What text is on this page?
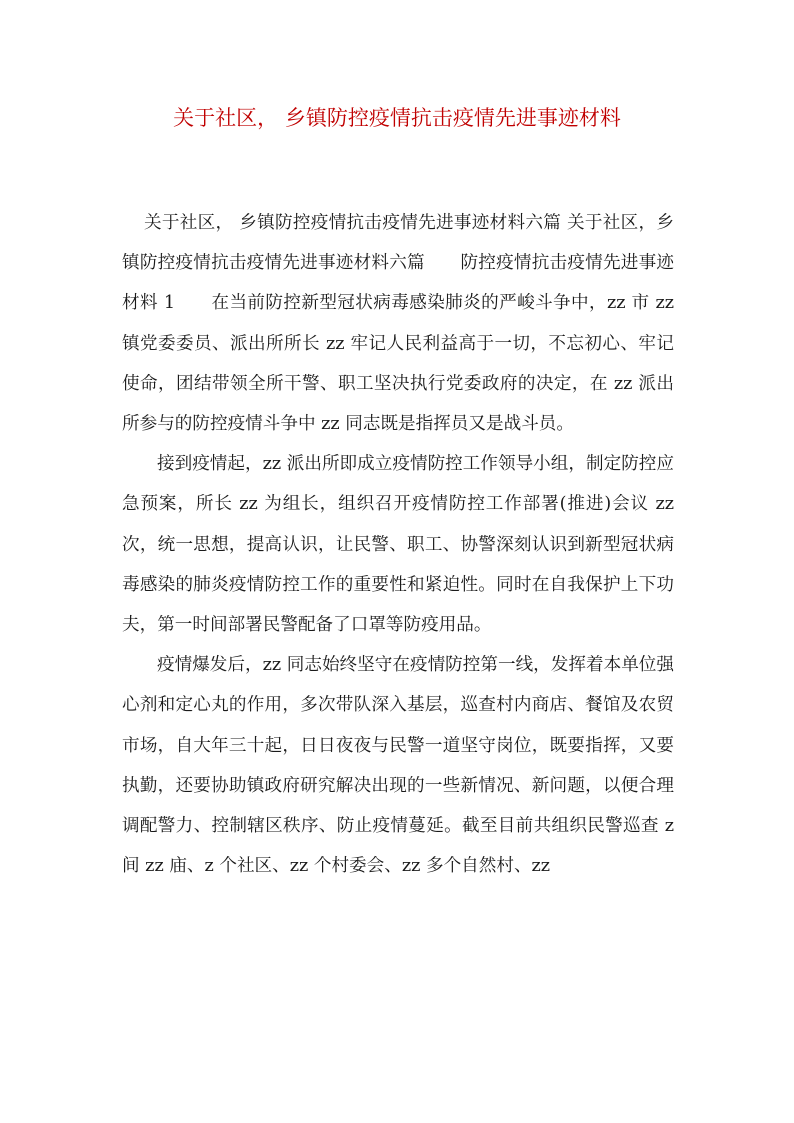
关于社区， 乡镇防控疫情抗击疫情先进事迹材料

关于社区， 乡镇防控疫情抗击疫情先进事迹材料六篇 关于社区，乡镇防控疫情抗击疫情先进事迹材料六篇　　防控疫情抗击疫情先进事迹材料 1　　在当前防控新型冠状病毒感染肺炎的严峻斗争中，zz 市 zz 镇党委委员、派出所所长 zz 牢记人民利益高于一切，不忘初心、牢记使命，团结带领全所干警、职工坚决执行党委政府的决定，在 zz 派出所参与的防控疫情斗争中 zz 同志既是指挥员又是战斗员。

接到疫情起，zz 派出所即成立疫情防控工作领导小组，制定防控应急预案，所长 zz 为组长，组织召开疫情防控工作部署(推进)会议 zz 次，统一思想，提高认识，让民警、职工、协警深刻认识到新型冠状病毒感染的肺炎疫情防控工作的重要性和紧迫性。同时在自我保护上下功夫，第一时间部署民警配备了口罩等防疫用品。

疫情爆发后，zz 同志始终坚守在疫情防控第一线，发挥着本单位强心剂和定心丸的作用，多次带队深入基层，巡查村内商店、餐馆及农贸市场，自大年三十起，日日夜夜与民警一道坚守岗位，既要指挥，又要执勤，还要协助镇政府研究解决出现的一些新情况、新问题，以便合理调配警力、控制辖区秩序、防止疫情蔓延。截至目前共组织民警巡查 z 间 zz 庙、z 个社区、zz 个村委会、zz 多个自然村、zz
